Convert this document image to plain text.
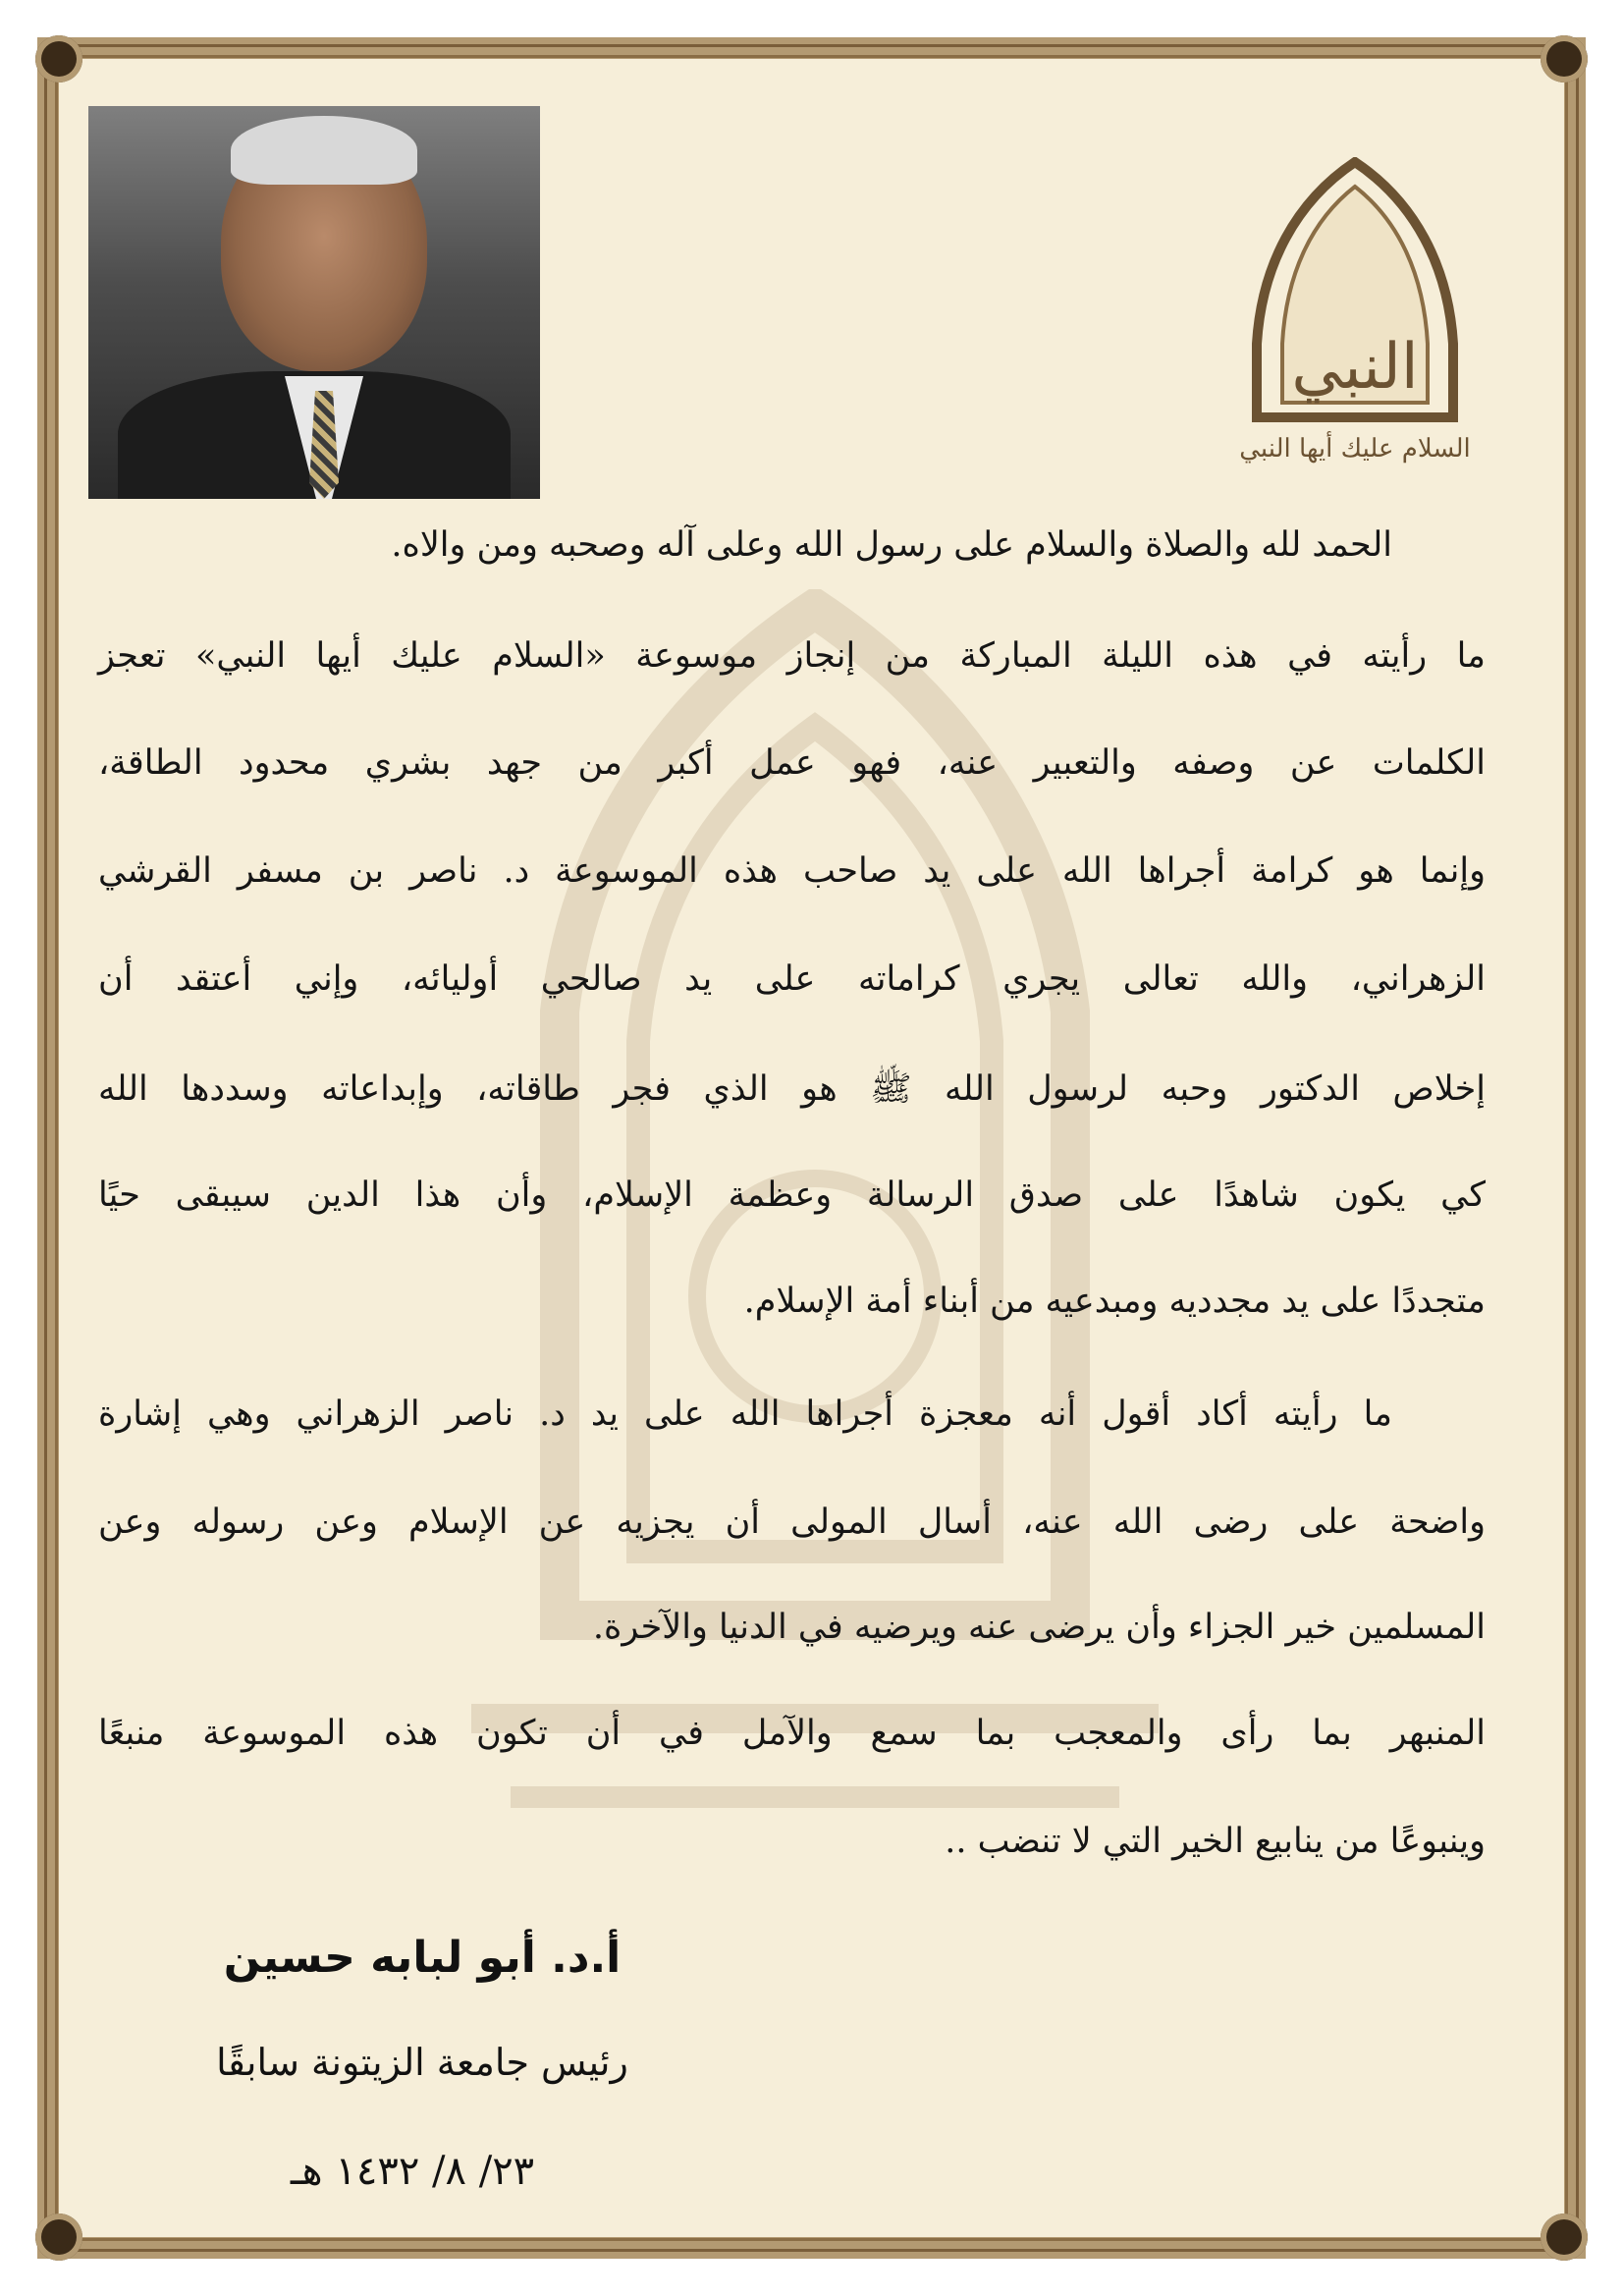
النبي
السلام عليك أيها النبي
الحمد لله والصلاة والسلام على رسول الله وعلى آله وصحبه ومن والاه.
ما رأيته في هذه الليلة المباركة من إنجاز موسوعة «السلام عليك أيها النبي» تعجز
الكلمات عن وصفه والتعبير عنه، فهو عمل أكبر من جهد بشري محدود الطاقة،
وإنما هو كرامة أجراها الله على يد صاحب هذه الموسوعة د. ناصر بن مسفر القرشي
الزهراني، والله تعالى يجري كراماته على يد صالحي أوليائه، وإني أعتقد أن
إخلاص الدكتور وحبه لرسول الله ﷺ هو الذي فجر طاقاته، وإبداعاته وسددها الله
كي يكون شاهدًا على صدق الرسالة وعظمة الإسلام، وأن هذا الدين سيبقى حيًا
متجددًا على يد مجدديه ومبدعيه من أبناء أمة الإسلام.
ما رأيته أكاد أقول أنه معجزة أجراها الله على يد د. ناصر الزهراني وهي إشارة
واضحة على رضى الله عنه، أسال المولى أن يجزيه عن الإسلام وعن رسوله وعن
المسلمين خير الجزاء وأن يرضى عنه ويرضيه في الدنيا والآخرة.
المنبهر بما رأى والمعجب بما سمع والآمل في أن تكون هذه الموسوعة منبعًا
وينبوعًا من ينابيع الخير التي لا تنضب ..
أ.د. أبو لبابه حسين
رئيس جامعة الزيتونة سابقًا
٢٣/ ٨/ ١٤٣٢ هـ
